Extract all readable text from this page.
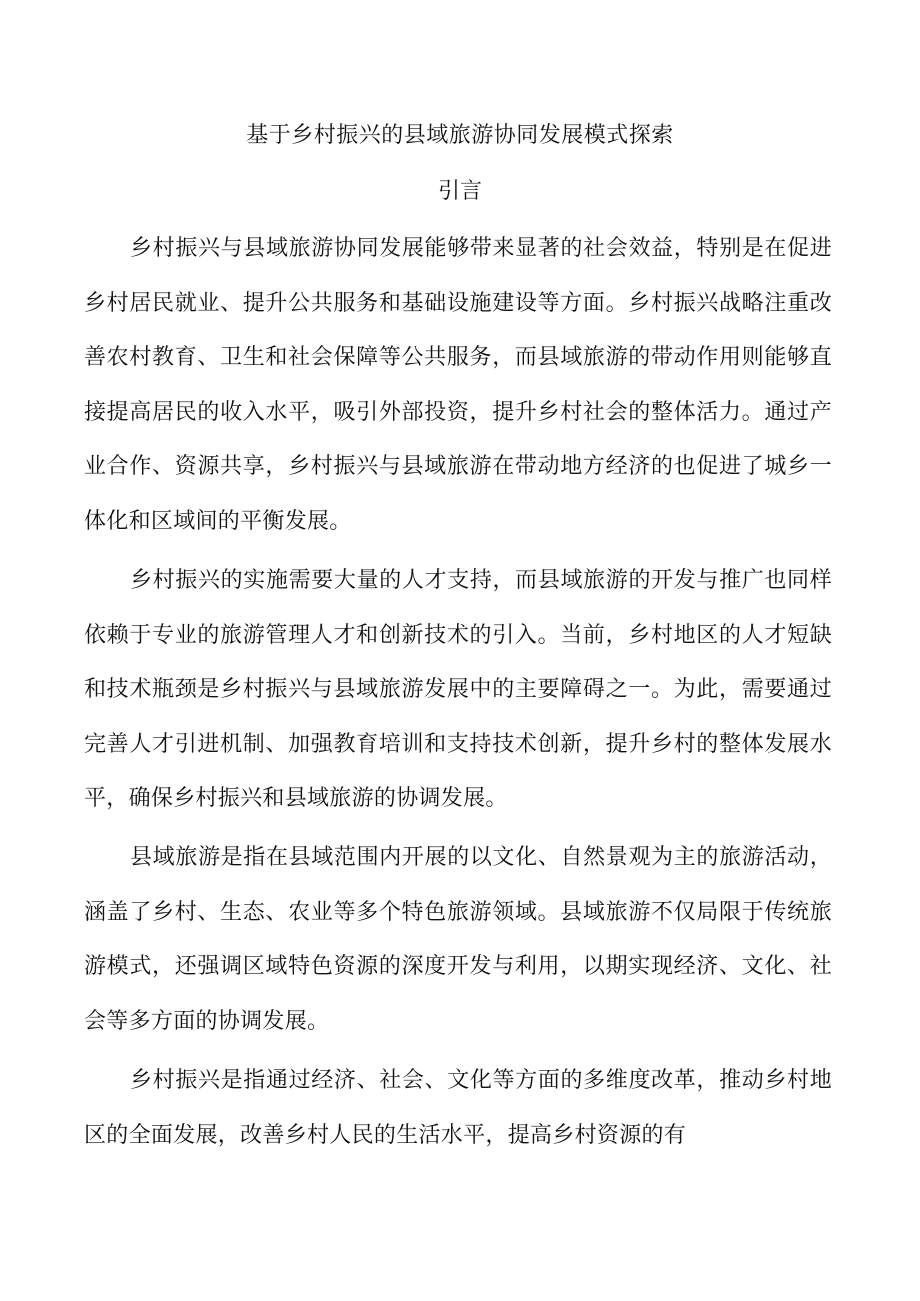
基于乡村振兴的县域旅游协同发展模式探索
引言

乡村振兴与县域旅游协同发展能够带来显著的社会效益，特别是在促进乡村居民就业、提升公共服务和基础设施建设等方面。乡村振兴战略注重改善农村教育、卫生和社会保障等公共服务，而县域旅游的带动作用则能够直接提高居民的收入水平，吸引外部投资，提升乡村社会的整体活力。通过产业合作、资源共享，乡村振兴与县域旅游在带动地方经济的也促进了城乡一体化和区域间的平衡发展。

乡村振兴的实施需要大量的人才支持，而县域旅游的开发与推广也同样依赖于专业的旅游管理人才和创新技术的引入。当前，乡村地区的人才短缺和技术瓶颈是乡村振兴与县域旅游发展中的主要障碍之一。为此，需要通过完善人才引进机制、加强教育培训和支持技术创新，提升乡村的整体发展水平，确保乡村振兴和县域旅游的协调发展。

县域旅游是指在县域范围内开展的以文化、自然景观为主的旅游活动，涵盖了乡村、生态、农业等多个特色旅游领域。县域旅游不仅局限于传统旅游模式，还强调区域特色资源的深度开发与利用，以期实现经济、文化、社会等多方面的协调发展。

乡村振兴是指通过经济、社会、文化等方面的多维度改革，推动乡村地区的全面发展，改善乡村人民的生活水平，提高乡村资源的有
